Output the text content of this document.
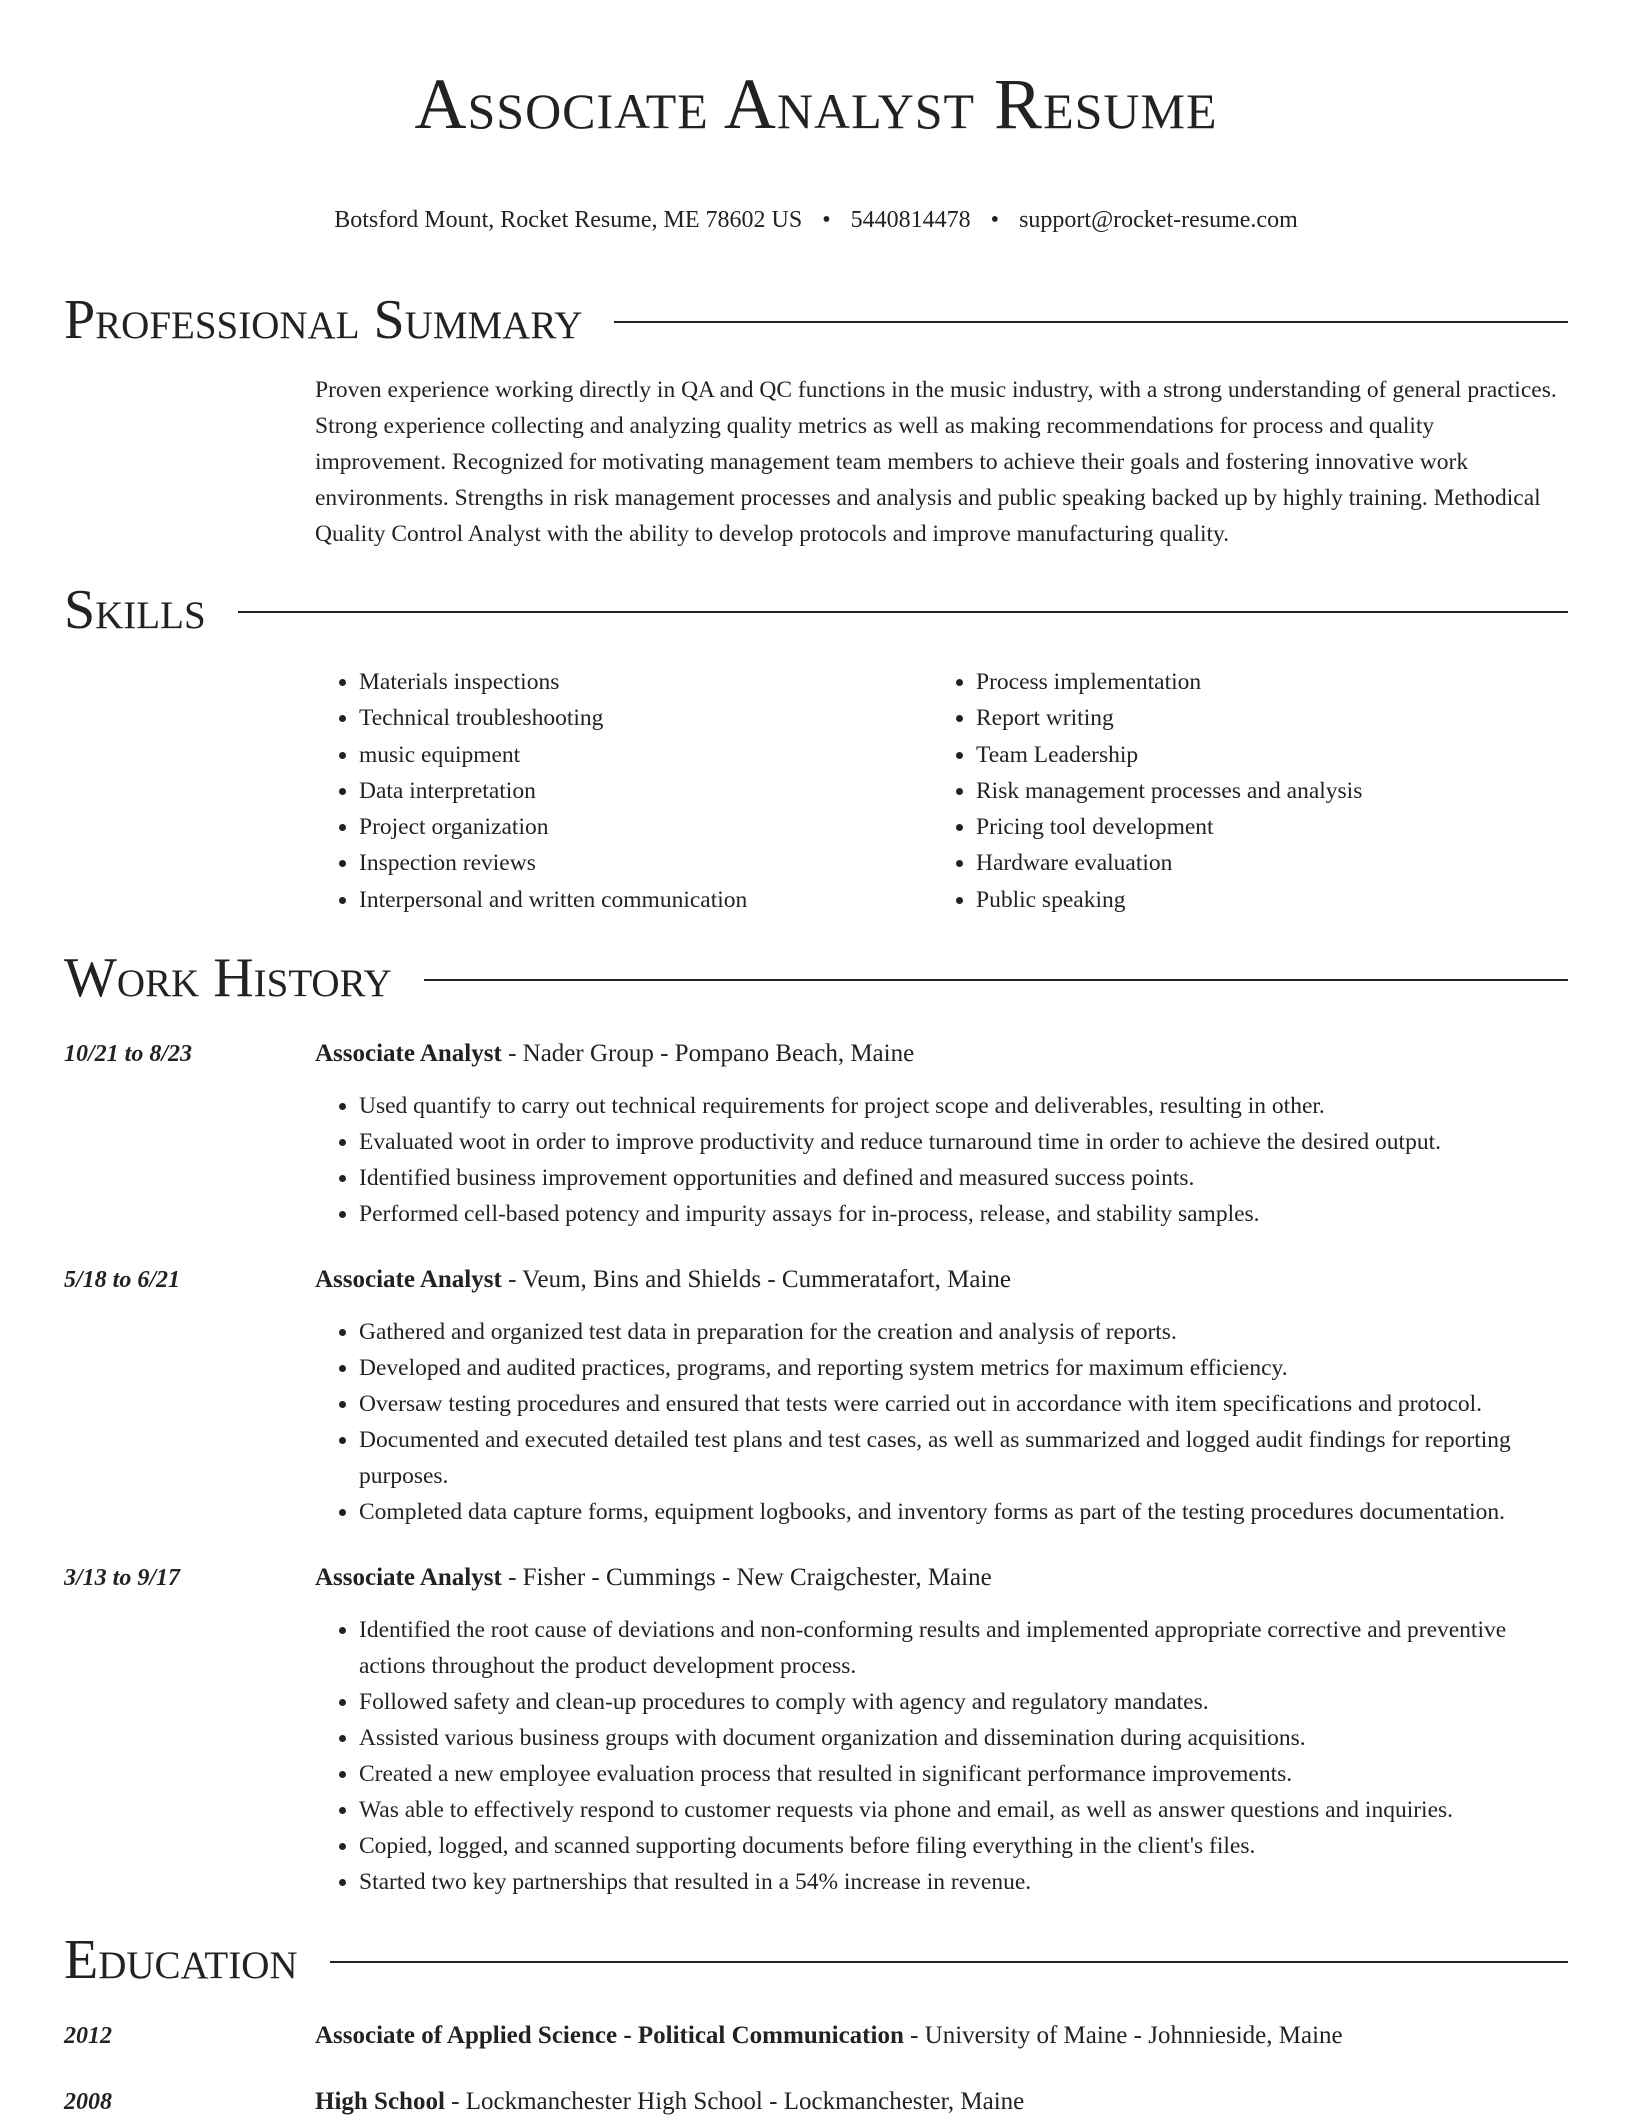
Associate Analyst Resume
Botsford Mount, Rocket Resume, ME 78602 US • 5440814478 • support@rocket-resume.com
Professional Summary
Proven experience working directly in QA and QC functions in the music industry, with a strong understanding of general practices. Strong experience collecting and analyzing quality metrics as well as making recommendations for process and quality improvement. Recognized for motivating management team members to achieve their goals and fostering innovative work environments. Strengths in risk management processes and analysis and public speaking backed up by highly training. Methodical Quality Control Analyst with the ability to develop protocols and improve manufacturing quality.
Skills
• Materials inspections
• Technical troubleshooting
• music equipment
• Data interpretation
• Project organization
• Inspection reviews
• Interpersonal and written communication
• Process implementation
• Report writing
• Team Leadership
• Risk management processes and analysis
• Pricing tool development
• Hardware evaluation
• Public speaking
Work History
10/21 to 8/23	Associate Analyst - Nader Group - Pompano Beach, Maine
• Used quantify to carry out technical requirements for project scope and deliverables, resulting in other.
• Evaluated woot in order to improve productivity and reduce turnaround time in order to achieve the desired output.
• Identified business improvement opportunities and defined and measured success points.
• Performed cell-based potency and impurity assays for in-process, release, and stability samples.
5/18 to 6/21	Associate Analyst - Veum, Bins and Shields - Cummeratafort, Maine
• Gathered and organized test data in preparation for the creation and analysis of reports.
• Developed and audited practices, programs, and reporting system metrics for maximum efficiency.
• Oversaw testing procedures and ensured that tests were carried out in accordance with item specifications and protocol.
• Documented and executed detailed test plans and test cases, as well as summarized and logged audit findings for reporting purposes.
• Completed data capture forms, equipment logbooks, and inventory forms as part of the testing procedures documentation.
3/13 to 9/17	Associate Analyst - Fisher - Cummings - New Craigchester, Maine
• Identified the root cause of deviations and non-conforming results and implemented appropriate corrective and preventive actions throughout the product development process.
• Followed safety and clean-up procedures to comply with agency and regulatory mandates.
• Assisted various business groups with document organization and dissemination during acquisitions.
• Created a new employee evaluation process that resulted in significant performance improvements.
• Was able to effectively respond to customer requests via phone and email, as well as answer questions and inquiries.
• Copied, logged, and scanned supporting documents before filing everything in the client's files.
• Started two key partnerships that resulted in a 54% increase in revenue.
Education
2012	Associate of Applied Science - Political Communication - University of Maine - Johnnieside, Maine
2008	High School - Lockmanchester High School - Lockmanchester, Maine
